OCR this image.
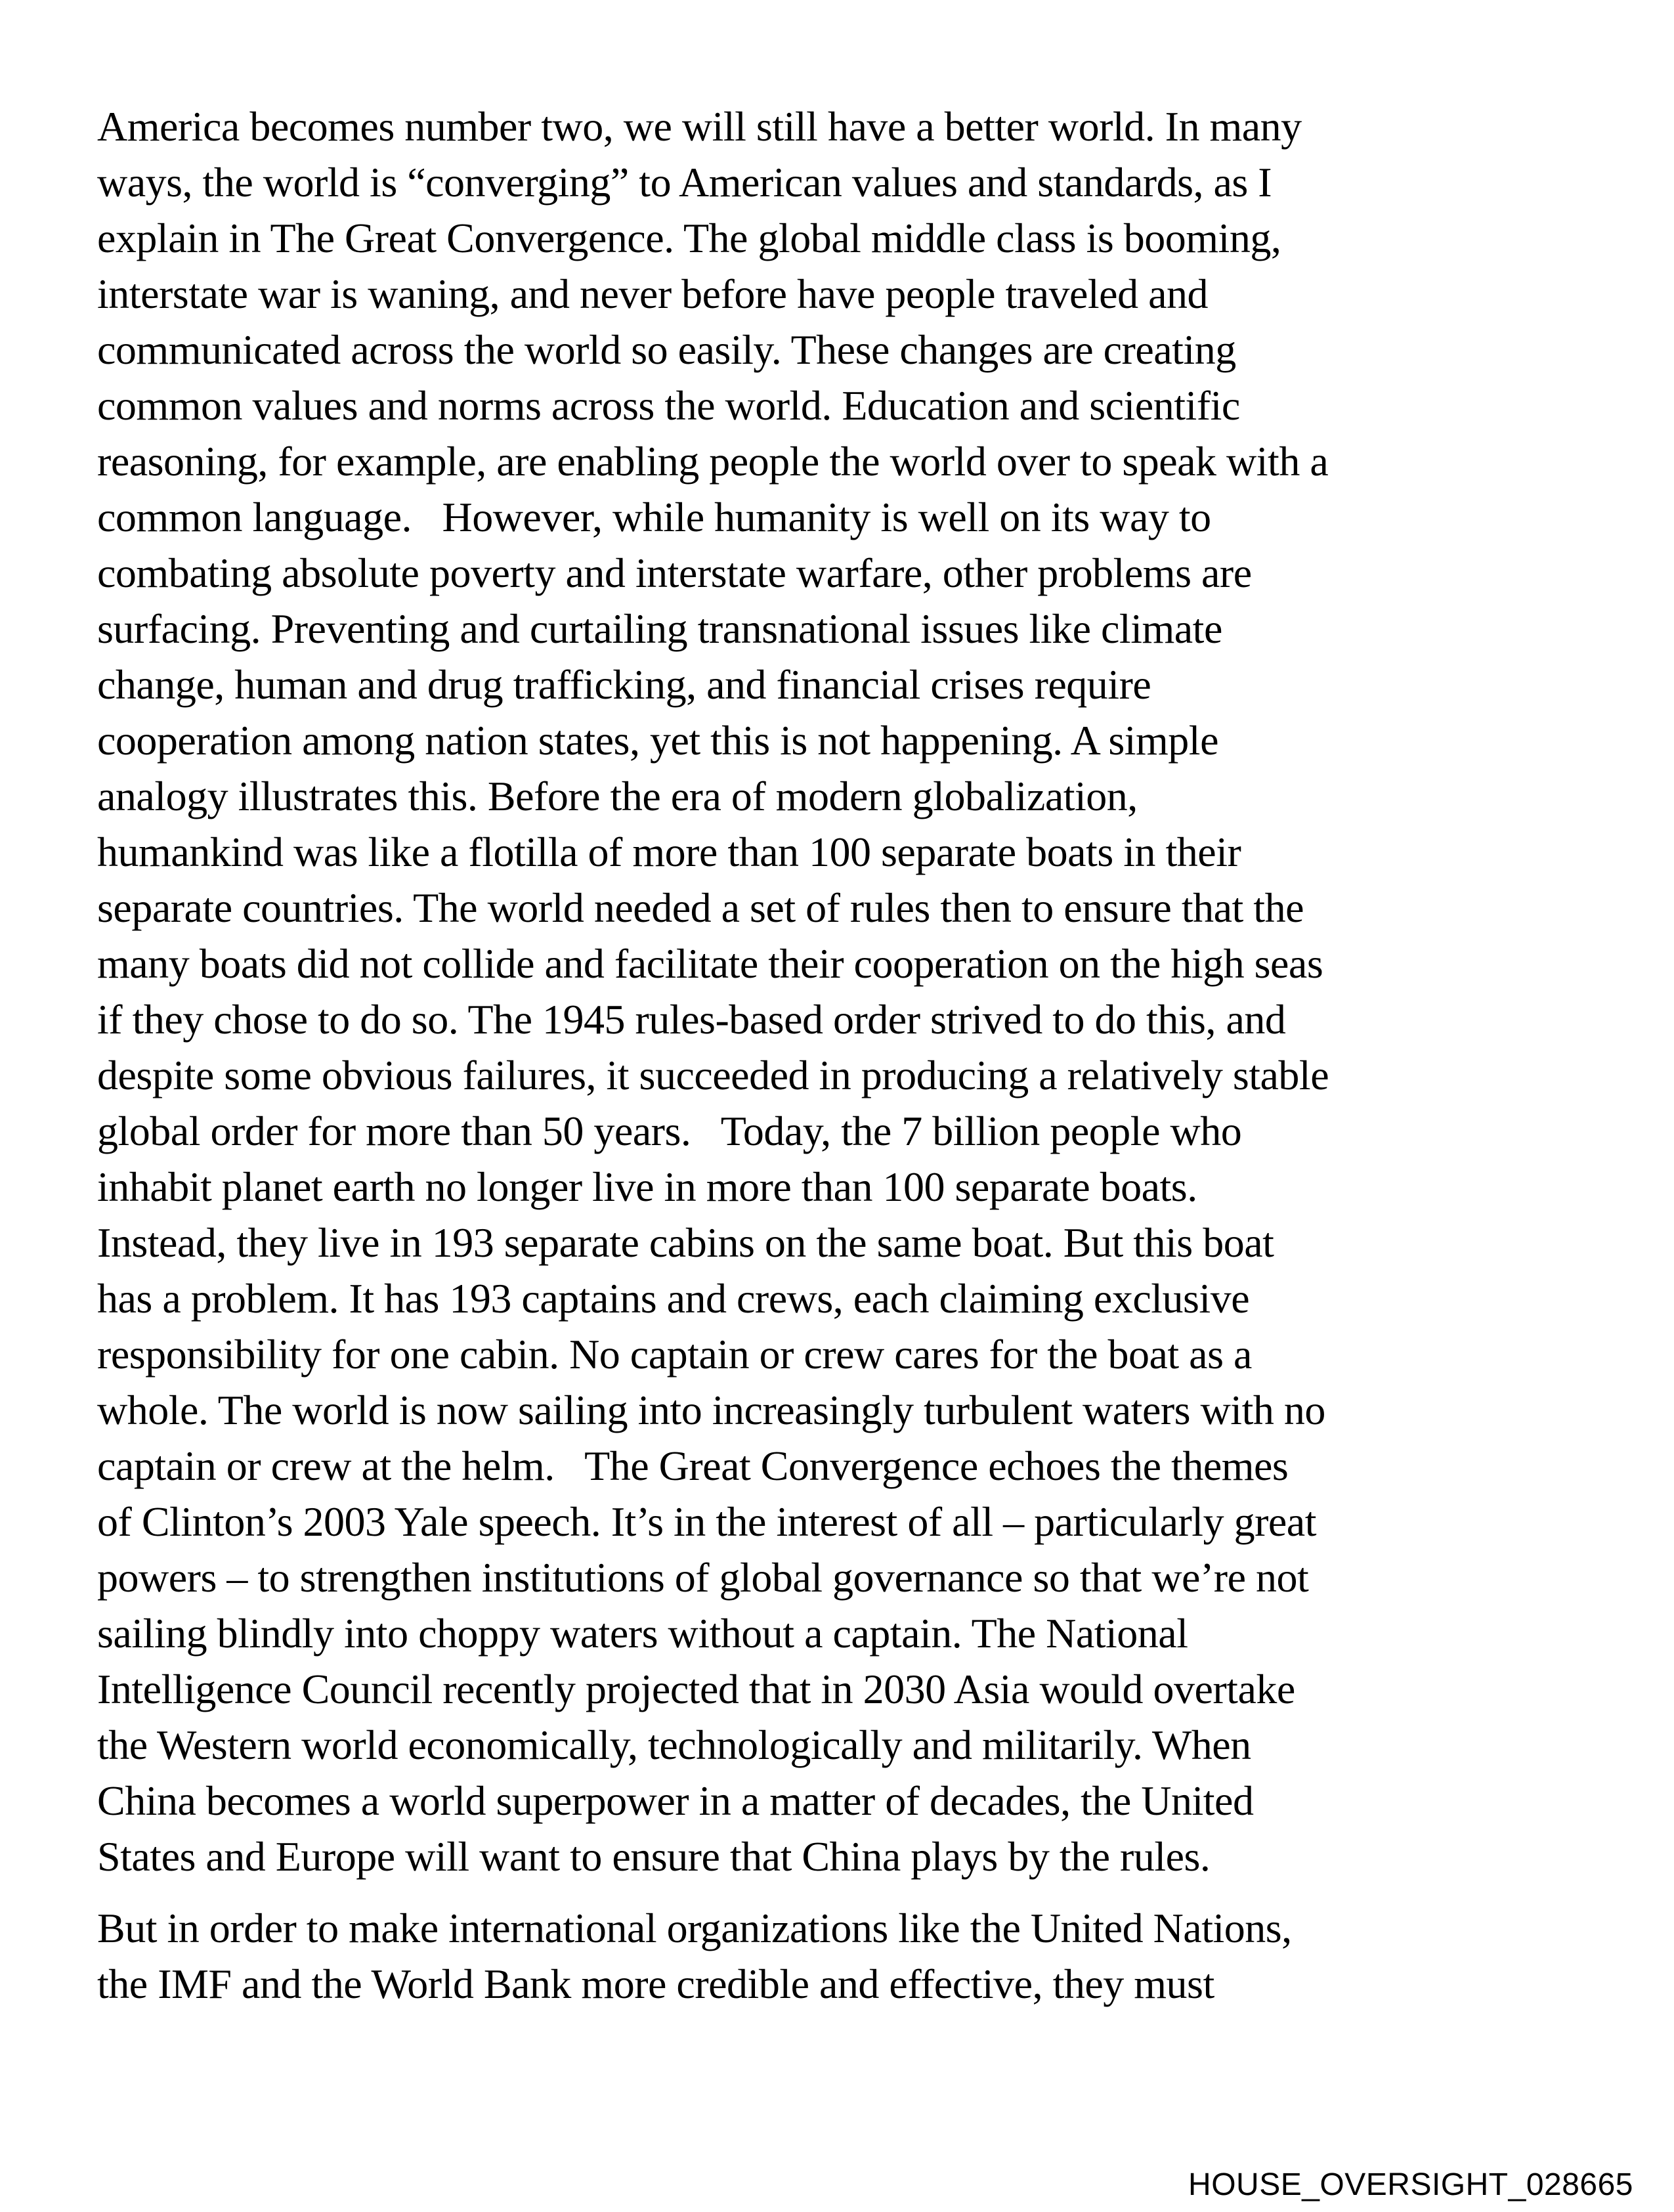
America becomes number two, we will still have a better world. In many
ways, the world is “converging” to American values and standards, as I
explain in The Great Convergence. The global middle class is booming,
interstate war is waning, and never before have people traveled and
communicated across the world so easily. These changes are creating
common values and norms across the world. Education and scientific
reasoning, for example, are enabling people the world over to speak with a
common language.   However, while humanity is well on its way to
combating absolute poverty and interstate warfare, other problems are
surfacing. Preventing and curtailing transnational issues like climate
change, human and drug trafficking, and financial crises require
cooperation among nation states, yet this is not happening. A simple
analogy illustrates this. Before the era of modern globalization,
humankind was like a flotilla of more than 100 separate boats in their
separate countries. The world needed a set of rules then to ensure that the
many boats did not collide and facilitate their cooperation on the high seas
if they chose to do so. The 1945 rules-based order strived to do this, and
despite some obvious failures, it succeeded in producing a relatively stable
global order for more than 50 years.   Today, the 7 billion people who
inhabit planet earth no longer live in more than 100 separate boats.
Instead, they live in 193 separate cabins on the same boat. But this boat
has a problem. It has 193 captains and crews, each claiming exclusive
responsibility for one cabin. No captain or crew cares for the boat as a
whole. The world is now sailing into increasingly turbulent waters with no
captain or crew at the helm.   The Great Convergence echoes the themes
of Clinton’s 2003 Yale speech. It’s in the interest of all – particularly great
powers – to strengthen institutions of global governance so that we’re not
sailing blindly into choppy waters without a captain. The National
Intelligence Council recently projected that in 2030 Asia would overtake
the Western world economically, technologically and militarily. When
China becomes a world superpower in a matter of decades, the United
States and Europe will want to ensure that China plays by the rules.
But in order to make international organizations like the United Nations,
the IMF and the World Bank more credible and effective, they must
HOUSE_OVERSIGHT_028665
